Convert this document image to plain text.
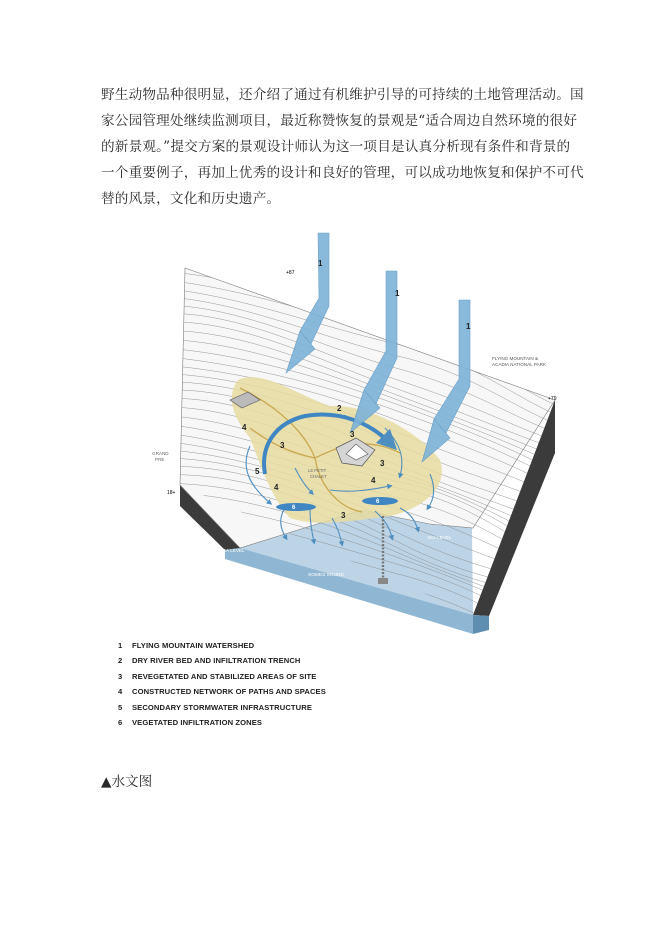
野生动物品种很明显，还介绍了通过有机维护引导的可持续的土地管理活动。国
家公园管理处继续监测项目，最近称赞恢复的景观是“适合周边自然环境的很好
的新景观。”提交方案的景观设计师认为这一项目是认真分析现有条件和背景的
一个重要例子，再加上优秀的设计和良好的管理，可以成功地恢复和保护不可代
替的风景，文化和历史遗产。
+87
+79
18+
FLYING MOUNTAIN &
ACADIA NATIONAL PARK
GRAND
PRE
LE PETIT
CHALET
HP
SEA LEVEL
SEA LEVEL
SOMES SOUND
1
1
1
2
3
3
3
3
4
4
4
5
6
6
1 FLYING MOUNTAIN WATERSHED
2 DRY RIVER BED AND INFILTRATION TRENCH
3 REVEGETATED AND STABILIZED AREAS OF SITE
4 CONSTRUCTED NETWORK OF PATHS AND SPACES
5 SECONDARY STORMWATER INFRASTRUCTURE
6 VEGETATED INFILTRATION ZONES
▲水文图
